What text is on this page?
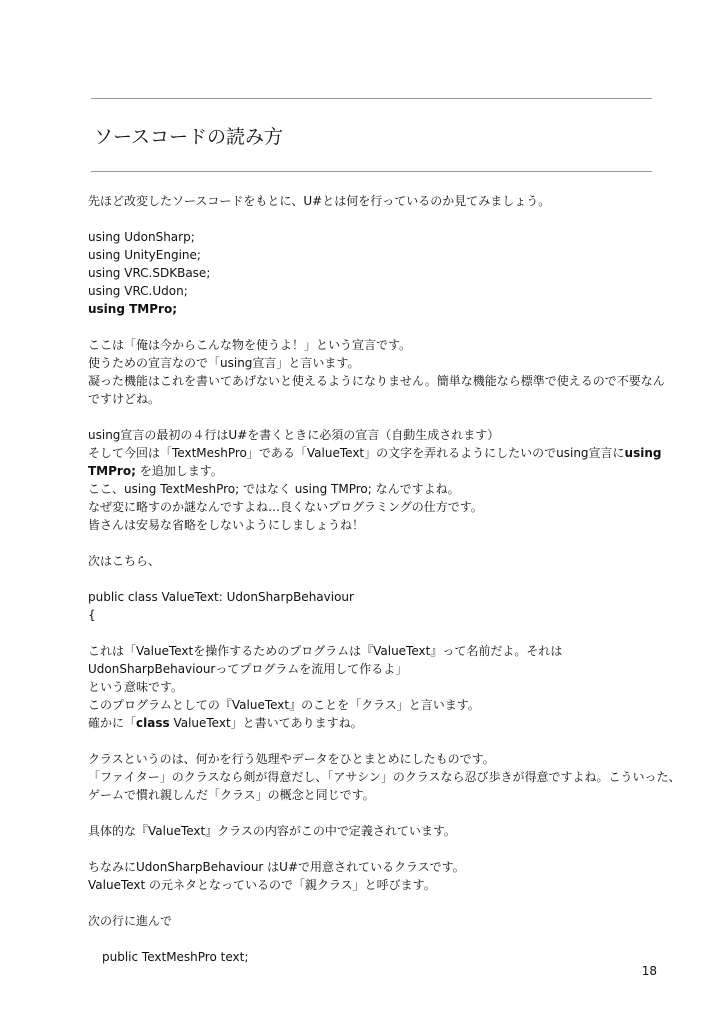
ソースコードの読み方
先ほど改変したソースコードをもとに、U#とは何を行っているのか見てみましょう。
using UdonSharp;
using UnityEngine;
using VRC.SDKBase;
using VRC.Udon;
using TMPro;
ここは「俺は今からこんな物を使うよ！」という宣言です。
使うための宣言なので「using宣言」と言います。
凝った機能はこれを書いてあげないと使えるようになりません。簡単な機能なら標準で使えるので不要なん
ですけどね。
using宣言の最初の４行はU#を書くときに必須の宣言（自動生成されます）
そして今回は「TextMeshPro」である「ValueText」の文字を弄れるようにしたいのでusing宣言にusing
TMPro; を追加します。
ここ、using TextMeshPro; ではなく using TMPro; なんですよね。
なぜ変に略すのか謎なんですよね…良くないプログラミングの仕方です。
皆さんは安易な省略をしないようにしましょうね！
次はこちら、
public class ValueText: UdonSharpBehaviour
{
これは「ValueTextを操作するためのプログラムは『ValueText』って名前だよ。それは
UdonSharpBehaviourってプログラムを流用して作るよ」
という意味です。
このプログラムとしての『ValueText』のことを「クラス」と言います。
確かに「class ValueText」と書いてありますね。
クラスというのは、何かを行う処理やデータをひとまとめにしたものです。
「ファイター」のクラスなら剣が得意だし、「アサシン」のクラスなら忍び歩きが得意ですよね。こういった、
ゲームで慣れ親しんだ「クラス」の概念と同じです。
具体的な『ValueText』クラスの内容がこの中で定義されています。
ちなみにUdonSharpBehaviour はU#で用意されているクラスです。
ValueText の元ネタとなっているので「親クラス」と呼びます。
次の行に進んで
public TextMeshPro text;
18
